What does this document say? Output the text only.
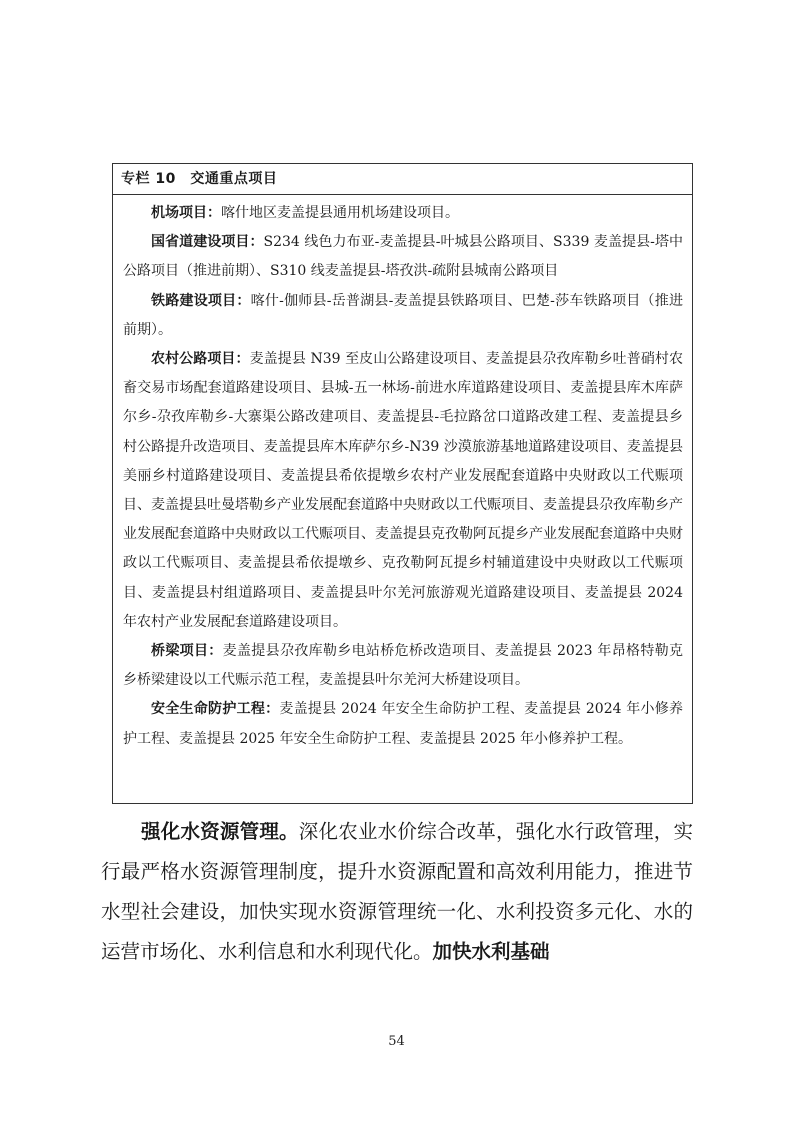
专栏 10　交通重点项目

机场项目：喀什地区麦盖提县通用机场建设项目。

国省道建设项目：S234 线色力布亚-麦盖提县-叶城县公路项目、S339 麦盖提县-塔中公路项目（推进前期）、S310 线麦盖提县-塔孜洪-疏附县城南公路项目

铁路建设项目：喀什-伽师县-岳普湖县-麦盖提县铁路项目、巴楚-莎车铁路项目（推进前期）。

农村公路项目：麦盖提县 N39 至皮山公路建设项目、麦盖提县尕孜库勒乡吐普硝村农畜交易市场配套道路建设项目、县城-五一林场-前进水库道路建设项目、麦盖提县库木库萨尔乡-尕孜库勒乡-大寨渠公路改建项目、麦盖提县-毛拉路岔口道路改建工程、麦盖提县乡村公路提升改造项目、麦盖提县库木库萨尔乡-N39 沙漠旅游基地道路建设项目、麦盖提县美丽乡村道路建设项目、麦盖提县希依提墩乡农村产业发展配套道路中央财政以工代赈项目、麦盖提县吐曼塔勒乡产业发展配套道路中央财政以工代赈项目、麦盖提县尕孜库勒乡产业发展配套道路中央财政以工代赈项目、麦盖提县克孜勒阿瓦提乡产业发展配套道路中央财政以工代赈项目、麦盖提县希依提墩乡、克孜勒阿瓦提乡村辅道建设中央财政以工代赈项目、麦盖提县村组道路项目、麦盖提县叶尔羌河旅游观光道路建设项目、麦盖提县 2024 年农村产业发展配套道路建设项目。

桥梁项目：麦盖提县尕孜库勒乡电站桥危桥改造项目、麦盖提县 2023 年昂格特勒克乡桥梁建设以工代赈示范工程，麦盖提县叶尔羌河大桥建设项目。

安全生命防护工程：麦盖提县 2024 年安全生命防护工程、麦盖提县 2024 年小修养护工程、麦盖提县 2025 年安全生命防护工程、麦盖提县 2025 年小修养护工程。

强化水资源管理。深化农业水价综合改革，强化水行政管理，实行最严格水资源管理制度，提升水资源配置和高效利用能力，推进节水型社会建设，加快实现水资源管理统一化、水利投资多元化、水的运营市场化、水利信息和水利现代化。加快水利基础

54
